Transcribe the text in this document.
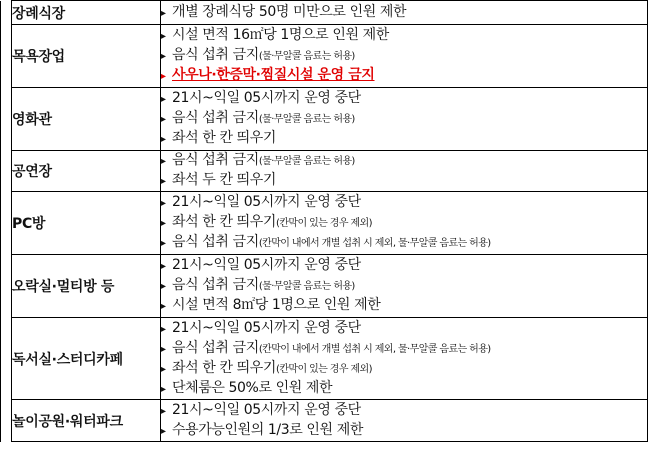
	장례식장	▸ 개별 장례식당 50명 미만으로 인원 제한

	목욕장업	▸ 시설 면적 16㎡당 1명으로 인원 제한
▸ 음식 섭취 금지(물·무알콜 음료는 허용)
▸ 사우나·한증막·찜질시설 운영 금지

	영화관	▸ 21시~익일 05시까지 운영 중단
▸ 음식 섭취 금지(물·무알콜 음료는 허용)
▸ 좌석 한 칸 띄우기

	공연장	▸ 음식 섭취 금지(물·무알콜 음료는 허용)
▸ 좌석 두 칸 띄우기

	PC방	▸ 21시~익일 05시까지 운영 중단
▸ 좌석 한 칸 띄우기(칸막이 있는 경우 제외)
▸ 음식 섭취 금지(칸막이 내에서 개별 섭취 시 제외, 물·무알콜 음료는 허용)

	오락실·멀티방 등	▸ 21시~익일 05시까지 운영 중단
▸ 음식 섭취 금지(물·무알콜 음료는 허용)
▸ 시설 면적 8㎡당 1명으로 인원 제한

	독서실·스터디카페	▸ 21시~익일 05시까지 운영 중단
▸ 음식 섭취 금지(칸막이 내에서 개별 섭취 시 제외, 물·무알콜 음료는 허용)
▸ 좌석 한 칸 띄우기(칸막이 있는 경우 제외)
▸ 단체룸은 50%로 인원 제한

	놀이공원·워터파크	▸ 21시~익일 05시까지 운영 중단
▸ 수용가능인원의 1/3로 인원 제한
